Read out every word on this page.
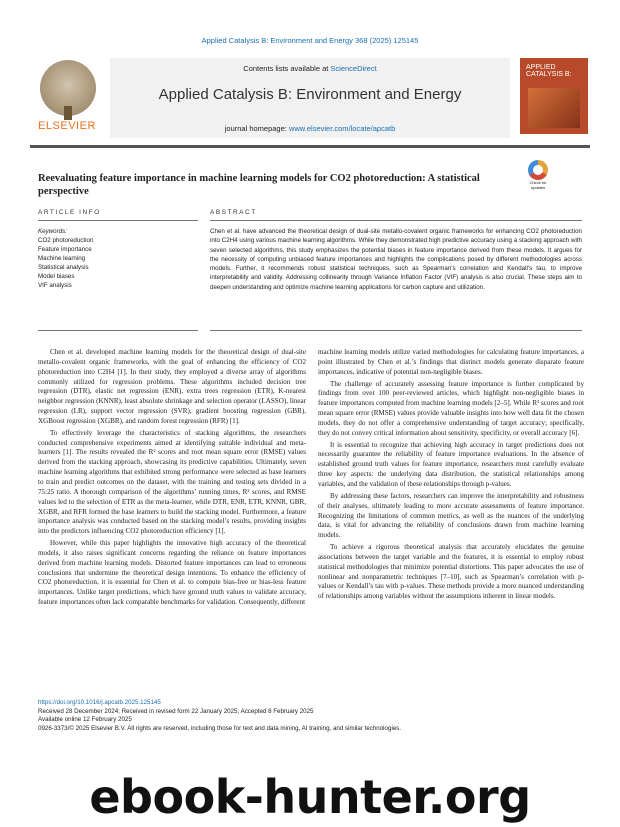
Applied Catalysis B: Environment and Energy 368 (2025) 125145
ELSEVIER
Contents lists available at ScienceDirect
Applied Catalysis B: Environment and Energy
journal homepage: www.elsevier.com/locate/apcatb
APPLIED CATALYSIS B:
Reevaluating feature importance in machine learning models for CO2 photoreduction: A statistical perspective
Check for updates
ARTICLE INFO	ABSTRACT
Keywords:
CO2 photoreduction
Feature importance
Machine learning
Statistical analysis
Model biases
VIF analysis
Chen et al. have advanced the theoretical design of dual-site metallo-covalent organic frameworks for enhancing CO2 photoreduction into C2H4 using various machine learning algorithms. While they demonstrated high predictive accuracy using a stacking approach with seven selected algorithms, this study emphasizes the potential biases in feature importance derived from these models. It argues for the necessity of computing unbiased feature importances and highlights the complications posed by different methodologies across models. Further, it recommends robust statistical techniques, such as Spearman’s correlation and Kendall’s tau, to improve interpretability and validity. Addressing collinearity through Variance Inflation Factor (VIF) analysis is also crucial. These steps aim to deepen understanding and optimize machine learning applications for carbon capture and utilization.

Chen et al. developed machine learning models for the theoretical design of dual-site metallo-covalent organic frameworks, with the goal of enhancing the efficiency of CO2 photoreduction into C2H4 [1]. In their study, they employed a diverse array of algorithms commonly utilized for regression problems. These algorithms included decision tree regression (DTR), elastic net regression (ENR), extra trees regression (ETR), K-nearest neighbor regression (KNNR), least absolute shrinkage and selection operator (LASSO), linear regression (LR), support vector regression (SVR), gradient boosting regression (GBR), XGBoost regression (XGBR), and random forest regression (RFR) [1].

To effectively leverage the characteristics of stacking algorithms, the researchers conducted comprehensive experiments aimed at identifying suitable individual and meta-learners [1]. The results revealed the R² scores and root mean square error (RMSE) values derived from the stacking approach, showcasing its predictive capabilities. Ultimately, seven machine learning algorithms that exhibited strong performance were selected as base learners to train and predict outcomes on the dataset, with the training and testing sets divided in a 75:25 ratio. A thorough comparison of the algorithms’ running times, R² scores, and RMSE values led to the selection of ETR as the meta-learner, while DTR, ENR, ETR, KNNR, GBR, XGBR, and RFR formed the base learners to build the stacking model. Furthermore, a feature importance analysis was conducted based on the stacking model’s results, providing insights into the predictors influencing CO2 photoreduction efficiency [1].

However, while this paper highlights the innovative high accuracy of the theoretical models, it also raises significant concerns regarding the reliance on feature importances derived from machine learning models. Distorted feature importances can lead to erroneous conclusions that undermine the theoretical design intentions. To enhance the efficiency of CO2 photoreduction, it is essential for Chen et al. to compute bias-free or bias-less feature importances. Unlike target predictions, which have ground truth values to validate accuracy, feature importances often lack comparable benchmarks for validation. Consequently, different

machine learning models utilize varied methodologies for calculating feature importances, a point illustrated by Chen et al.’s findings that distinct models generate disparate feature importances, indicative of potential non-negligible biases.

The challenge of accurately assessing feature importance is further complicated by findings from over 100 peer-reviewed articles, which highlight non-negligible biases in feature importances computed from machine learning models [2–5]. While R² scores and root mean square error (RMSE) values provide valuable insights into how well data fit the chosen models, they do not offer a comprehensive understanding of target accuracy; specifically, they do not convey critical information about sensitivity, specificity, or overall accuracy [6].

It is essential to recognize that achieving high accuracy in target predictions does not necessarily guarantee the reliability of feature importance evaluations. In the absence of established ground truth values for feature importance, researchers must carefully evaluate three key aspects: the underlying data distribution, the statistical relationships among variables, and the validation of these relationships through p-values.

By addressing these factors, researchers can improve the interpretability and robustness of their analyses, ultimately leading to more accurate assessments of feature importance. Recognizing the limitations of common metrics, as well as the nuances of the underlying data, is vital for advancing the reliability of conclusions drawn from machine learning models.

To achieve a rigorous theoretical analysis that accurately elucidates the genuine associations between the target variable and the features, it is essential to employ robust statistical methodologies that minimize potential distortions. This paper advocates the use of nonlinear and nonparametric techniques [7–10], such as Spearman’s correlation with p-values or Kendall’s tau with p-values. These methods provide a more nuanced understanding of relationships among variables without the assumptions inherent in linear models.

https://doi.org/10.1016/j.apcatb.2025.125145
Received 28 December 2024; Received in revised form 22 January 2025; Accepted 8 February 2025
Available online 12 February 2025
0926-3373/© 2025 Elsevier B.V. All rights are reserved, including those for text and data mining, AI training, and similar technologies.
ebook-hunter.org
